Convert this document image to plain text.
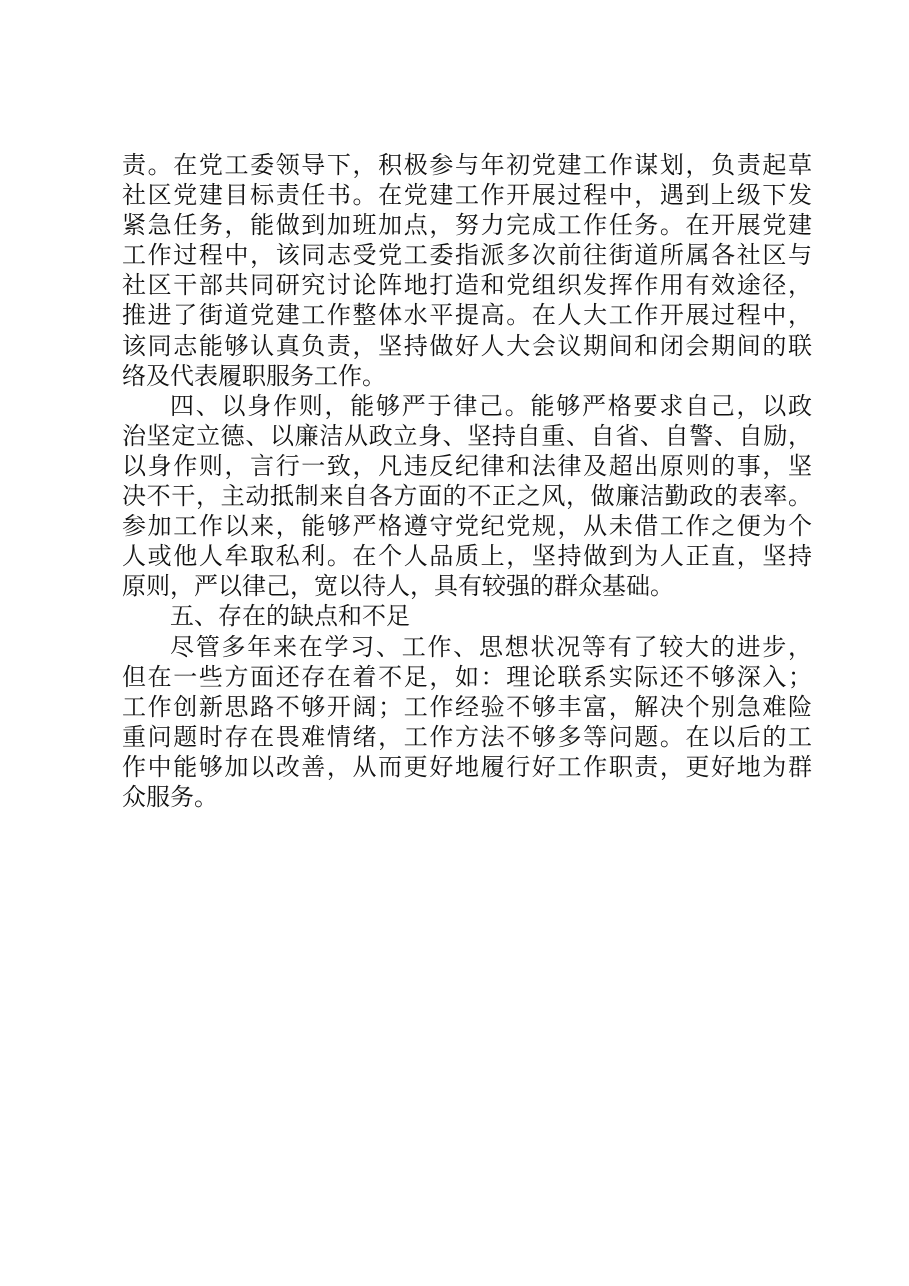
责。在党工委领导下，积极参与年初党建工作谋划，负责起草
社区党建目标责任书。在党建工作开展过程中，遇到上级下发
紧急任务，能做到加班加点，努力完成工作任务。在开展党建
工作过程中，该同志受党工委指派多次前往街道所属各社区与
社区干部共同研究讨论阵地打造和党组织发挥作用有效途径，
推进了街道党建工作整体水平提高。在人大工作开展过程中，
该同志能够认真负责，坚持做好人大会议期间和闭会期间的联
络及代表履职服务工作。

四、以身作则，能够严于律己。能够严格要求自己，以政
治坚定立德、以廉洁从政立身、坚持自重、自省、自警、自励，
以身作则，言行一致，凡违反纪律和法律及超出原则的事，坚
决不干，主动抵制来自各方面的不正之风，做廉洁勤政的表率。
参加工作以来，能够严格遵守党纪党规，从未借工作之便为个
人或他人牟取私利。在个人品质上，坚持做到为人正直，坚持
原则，严以律己，宽以待人，具有较强的群众基础。

五、存在的缺点和不足

尽管多年来在学习、工作、思想状况等有了较大的进步，
但在一些方面还存在着不足，如：理论联系实际还不够深入；
工作创新思路不够开阔；工作经验不够丰富，解决个别急难险
重问题时存在畏难情绪，工作方法不够多等问题。在以后的工
作中能够加以改善，从而更好地履行好工作职责，更好地为群
众服务。
